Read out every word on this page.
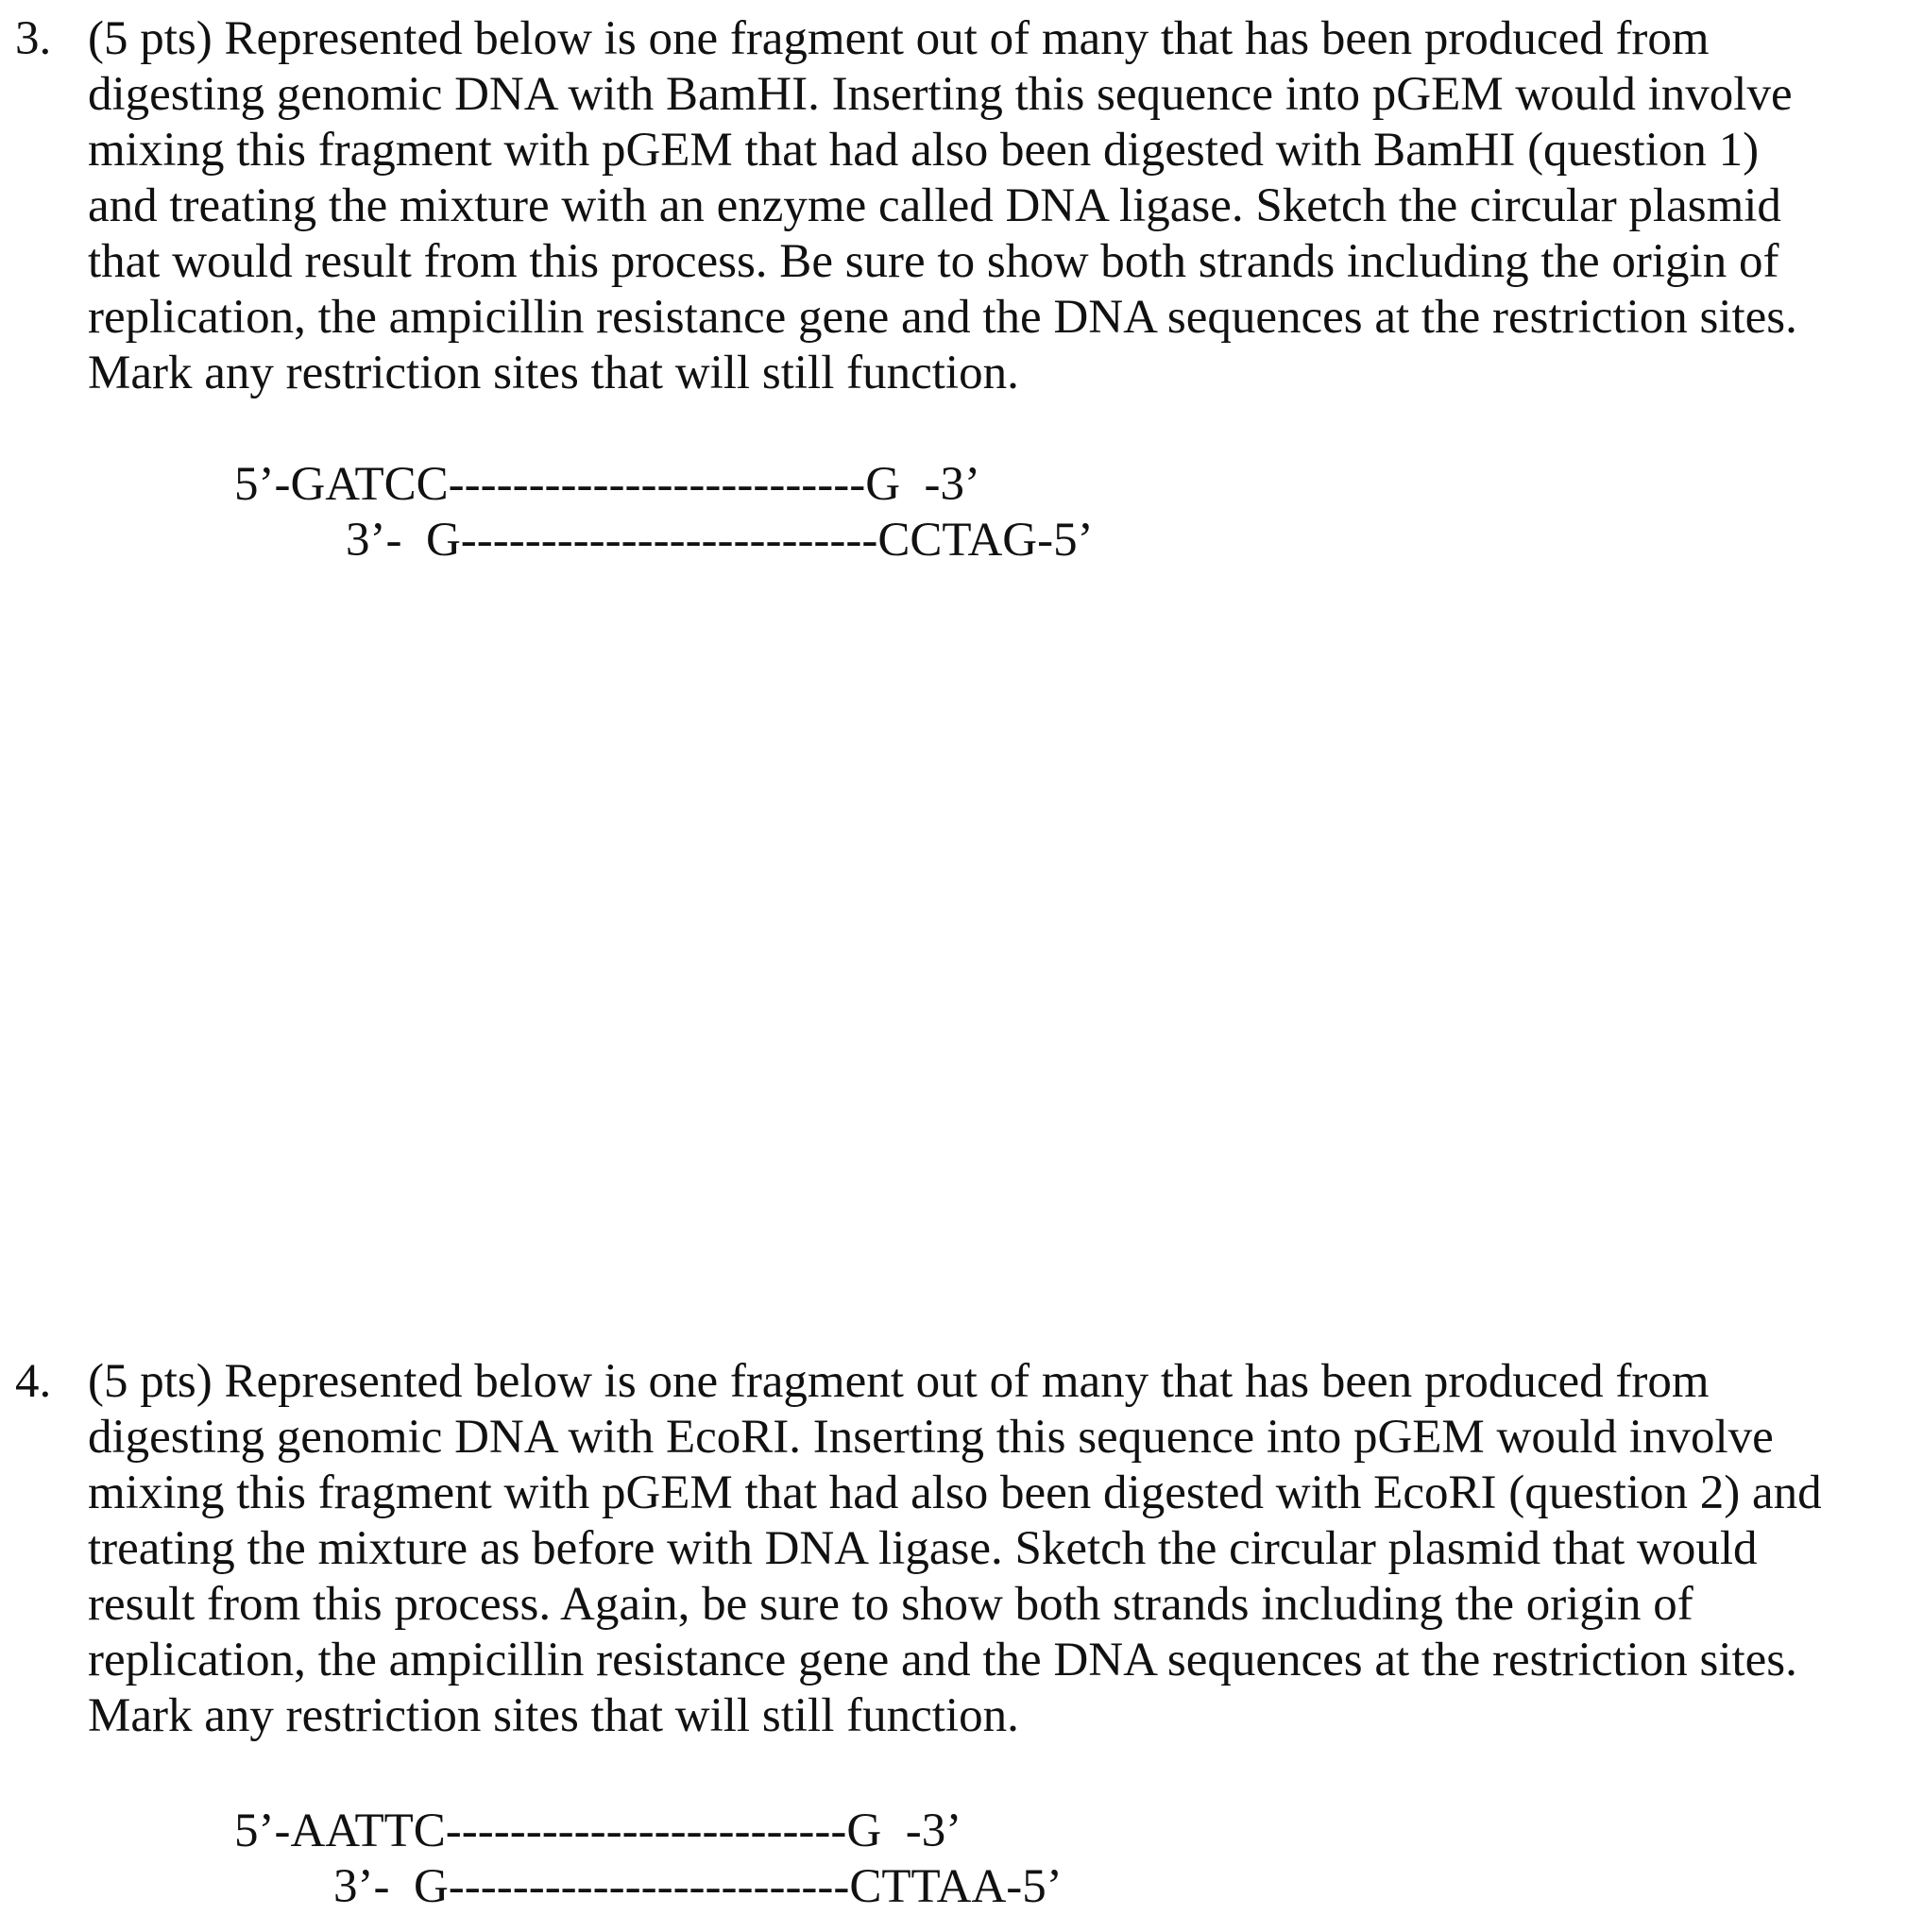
3. (5 pts) Represented below is one fragment out of many that has been produced from
digesting genomic DNA with BamHI. Inserting this sequence into pGEM would involve
mixing this fragment with pGEM that had also been digested with BamHI (question 1)
and treating the mixture with an enzyme called DNA ligase. Sketch the circular plasmid
that would result from this process. Be sure to show both strands including the origin of
replication, the ampicillin resistance gene and the DNA sequences at the restriction sites.
Mark any restriction sites that will still function.
5’-GATCC--------------------------G  -3’
3’-  G--------------------------CCTAG-5’
4. (5 pts) Represented below is one fragment out of many that has been produced from
digesting genomic DNA with EcoRI. Inserting this sequence into pGEM would involve
mixing this fragment with pGEM that had also been digested with EcoRI (question 2) and
treating the mixture as before with DNA ligase. Sketch the circular plasmid that would
result from this process. Again, be sure to show both strands including the origin of
replication, the ampicillin resistance gene and the DNA sequences at the restriction sites.
Mark any restriction sites that will still function.
5’-AATTC-------------------------G  -3’
3’-  G-------------------------CTTAA-5’
